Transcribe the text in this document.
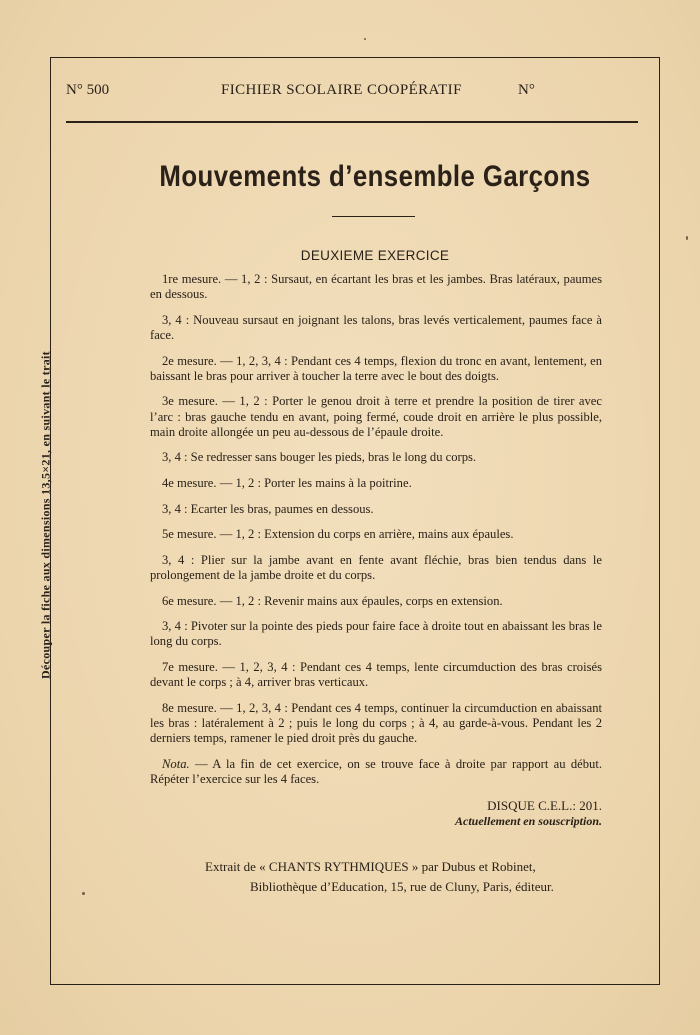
Découper la fiche aux dimensions 13,5×21, en suivant le trait
N° 500	FICHIER SCOLAIRE COOPÉRATIF	N°
Mouvements d’ensemble Garçons
DEUXIEME EXERCICE

1re mesure. — 1, 2 : Sursaut, en écartant les bras et les jambes. Bras latéraux, paumes en dessous.

3, 4 : Nouveau sursaut en joignant les talons, bras levés verticalement, paumes face à face.

2e mesure. — 1, 2, 3, 4 : Pendant ces 4 temps, flexion du tronc en avant, lentement, en baissant le bras pour arriver à toucher la terre avec le bout des doigts.

3e mesure. — 1, 2 : Porter le genou droit à terre et prendre la position de tirer avec l’arc : bras gauche tendu en avant, poing fermé, coude droit en arrière le plus possible, main droite allongée un peu au-dessous de l’épaule droite.

3, 4 : Se redresser sans bouger les pieds, bras le long du corps.

4e mesure. — 1, 2 : Porter les mains à la poitrine.

3, 4 : Ecarter les bras, paumes en dessous.

5e mesure. — 1, 2 : Extension du corps en arrière, mains aux épaules.

3, 4 : Plier sur la jambe avant en fente avant fléchie, bras bien tendus dans le prolongement de la jambe droite et du corps.

6e mesure. — 1, 2 : Revenir mains aux épaules, corps en extension.

3, 4 : Pivoter sur la pointe des pieds pour faire face à droite tout en abaissant les bras le long du corps.

7e mesure. — 1, 2, 3, 4 : Pendant ces 4 temps, lente circumduction des bras croisés devant le corps ; à 4, arriver bras verticaux.

8e mesure. — 1, 2, 3, 4 : Pendant ces 4 temps, continuer la circumduction en abaissant les bras : latéralement à 2 ; puis le long du corps ; à 4, au garde-à-vous. Pendant les 2 derniers temps, ramener le pied droit près du gauche.

Nota. — A la fin de cet exercice, on se trouve face à droite par rapport au début. Répéter l’exercice sur les 4 faces.

DISQUE C.E.L.: 201.
Actuellement en souscription.
Extrait de « CHANTS RYTHMIQUES » par Dubus et Robinet,
Bibliothèque d’Education, 15, rue de Cluny, Paris, éditeur.
